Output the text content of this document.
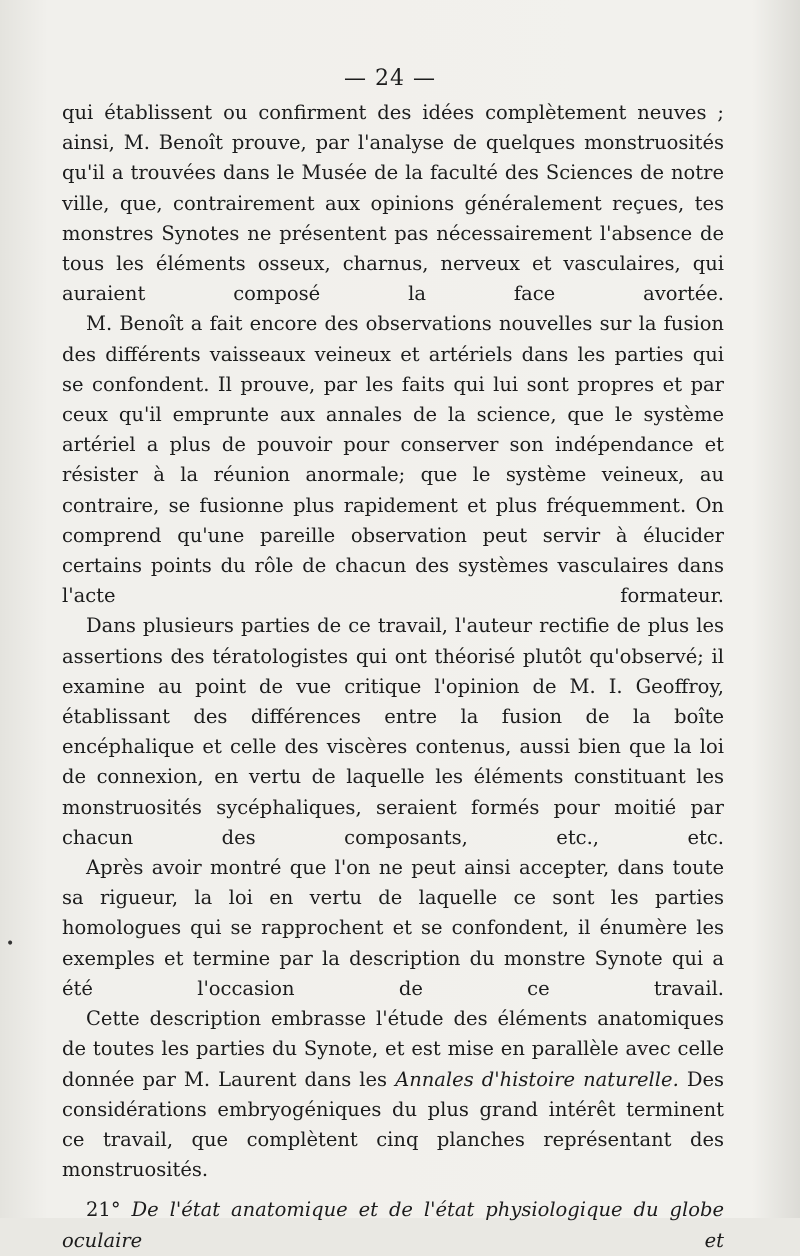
— 24 —

qui établissent ou confirment des idées complètement neuves ; ainsi, M. Benoît prouve, par l'analyse de quelques monstruosités qu'il a trouvées dans le Musée de la faculté des Sciences de notre ville, que, contrairement aux opinions généralement reçues, tes monstres Synotes ne présentent pas nécessairement l'absence de tous les éléments osseux, charnus, nerveux et vasculaires, qui auraient composé la face avortée.

M. Benoît a fait encore des observations nouvelles sur la fusion des différents vaisseaux veineux et artériels dans les parties qui se confondent. Il prouve, par les faits qui lui sont propres et par ceux qu'il emprunte aux annales de la science, que le système artériel a plus de pouvoir pour conserver son indépendance et résister à la réunion anormale; que le système veineux, au contraire, se fusionne plus rapidement et plus fréquemment. On comprend qu'une pareille observation peut servir à élucider certains points du rôle de chacun des systèmes vasculaires dans l'acte formateur.

Dans plusieurs parties de ce travail, l'auteur rectifie de plus les assertions des tératologistes qui ont théorisé plutôt qu'observé; il examine au point de vue critique l'opinion de M. I. Geoffroy, établissant des différences entre la fusion de la boîte encéphalique et celle des viscères contenus, aussi bien que la loi de connexion, en vertu de laquelle les éléments constituant les monstruosités sycéphaliques, seraient formés pour moitié par chacun des composants, etc., etc.

Après avoir montré que l'on ne peut ainsi accepter, dans toute sa rigueur, la loi en vertu de laquelle ce sont les parties homologues qui se rapprochent et se confondent, il énumère les exemples et termine par la description du monstre Synote qui a été l'occasion de ce travail.

Cette description embrasse l'étude des éléments anatomiques de toutes les parties du Synote, et est mise en parallèle avec celle donnée par M. Laurent dans les Annales d'histoire naturelle. Des considérations embryogéniques du plus grand intérêt terminent ce travail, que complètent cinq planches représentant des monstruosités.

21° De l'état anatomique et de l'état physiologique du globe oculaire et

•
